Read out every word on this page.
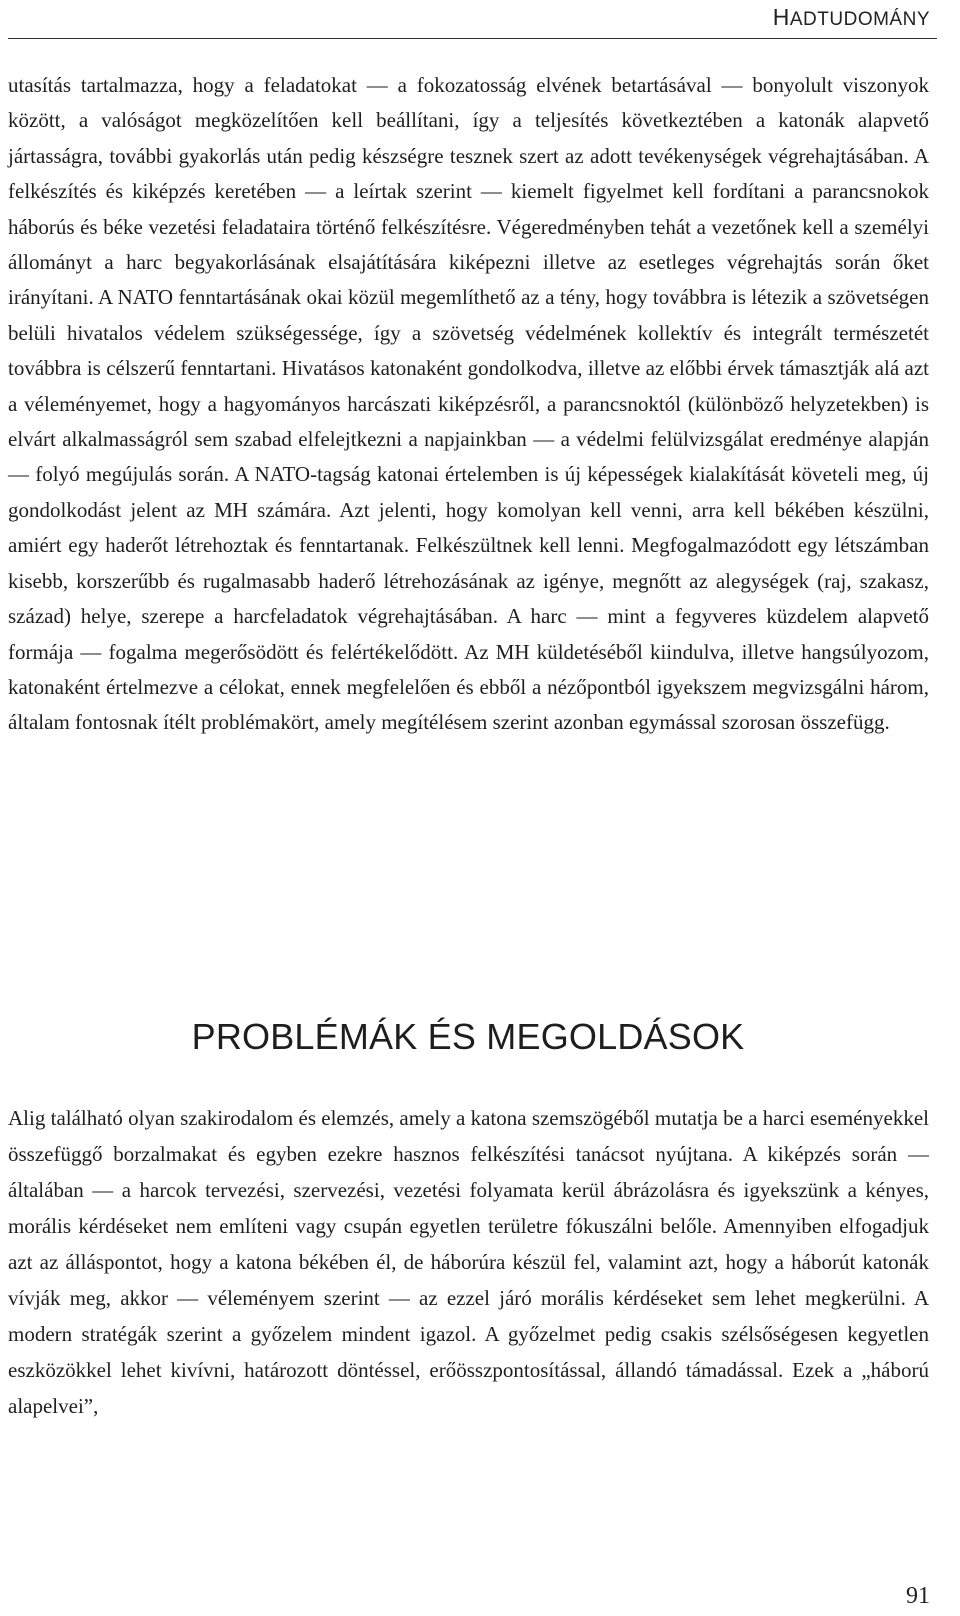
HADTUDOMÁNY

utasítás tartalmazza, hogy a feladatokat — a fokozatosság elvének betartásával — bonyolult viszonyok között, a valóságot megközelítően kell beállítani, így a teljesítés következtében a katonák alapvető jártasságra, további gyakorlás után pedig készségre tesznek szert az adott tevékenységek végrehajtásában. A felkészítés és kiképzés keretében — a leírtak szerint — kiemelt figyelmet kell fordítani a parancsnokok háborús és béke vezetési feladataira történő felkészítésre. Végeredményben tehát a vezetőnek kell a személyi állományt a harc begyakorlásának elsajátítására kiképezni illetve az esetleges végrehajtás során őket irányítani. A NATO fenntartásának okai közül megemlíthető az a tény, hogy továbbra is létezik a szövetségen belüli hivatalos védelem szükségessége, így a szövetség védelmének kollektív és integrált természetét továbbra is célszerű fenntartani. Hivatásos katonaként gondolkodva, illetve az előbbi érvek támasztják alá azt a véleményemet, hogy a hagyományos harcászati kiképzésről, a parancsnoktól (különböző helyzetekben) is elvárt alkalmasságról sem szabad elfelejtkezni a napjainkban — a védelmi felülvizsgálat eredménye alapján — folyó megújulás során. A NATO-tagság katonai értelemben is új képességek kialakítását követeli meg, új gondolkodást jelent az MH számára. Azt jelenti, hogy komolyan kell venni, arra kell békében készülni, amiért egy haderőt létrehoztak és fenntartanak. Felkészültnek kell lenni. Megfogalmazódott egy létszámban kisebb, korszerűbb és rugalmasabb haderő létrehozásának az igénye, megnőtt az alegységek (raj, szakasz, század) helye, szerepe a harcfeladatok végrehajtásában. A harc — mint a fegyveres küzdelem alapvető formája — fogalma megerősödött és felértékelődött. Az MH küldetéséből kiindulva, illetve hangsúlyozom, katonaként értelmezve a célokat, ennek megfelelően és ebből a nézőpontból igyekszem megvizsgálni három, általam fontosnak ítélt problémakört, amely megítélésem szerint azonban egymással szorosan összefügg.

PROBLÉMÁK ÉS MEGOLDÁSOK

Alig található olyan szakirodalom és elemzés, amely a katona szemszögéből mutatja be a harci eseményekkel összefüggő borzalmakat és egyben ezekre hasznos felkészítési tanácsot nyújtana. A kiképzés során — általában — a harcok tervezési, szervezési, vezetési folyamata kerül ábrázolásra és igyekszünk a kényes, morális kérdéseket nem említeni vagy csupán egyetlen területre fókuszálni belőle. Amennyiben elfogadjuk azt az álláspontot, hogy a katona békében él, de háborúra készül fel, valamint azt, hogy a háborút katonák vívják meg, akkor — véleményem szerint — az ezzel járó morális kérdéseket sem lehet megkerülni. A modern stratégák szerint a győzelem mindent igazol. A győzelmet pedig csakis szélsőségesen kegyetlen eszközökkel lehet kivívni, határozott döntéssel, erőösszpontosítással, állandó támadással. Ezek a „háború alapelvei”,

91
